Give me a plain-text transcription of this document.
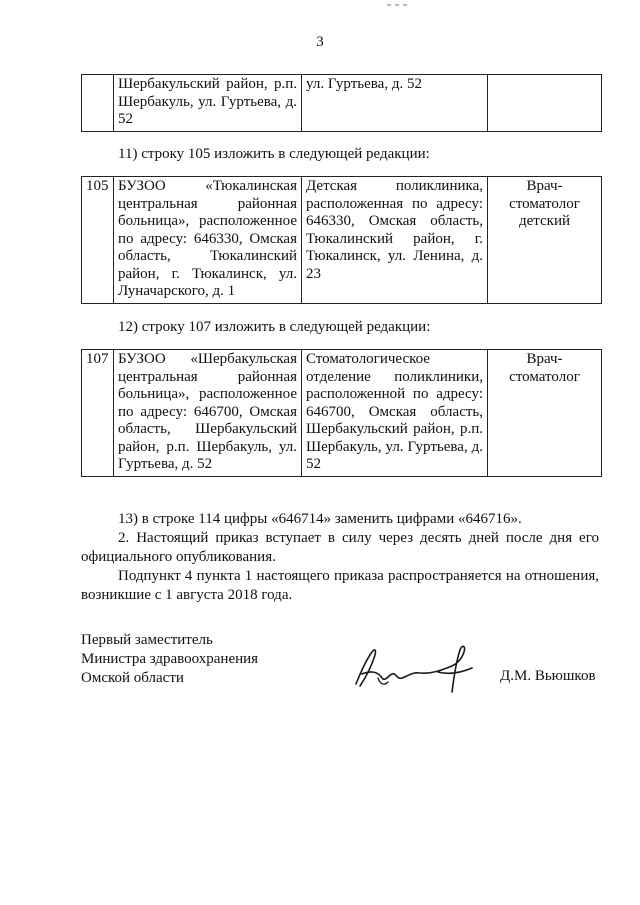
3
	Шербакульский район, р.п. Шербакуль, ул. Гуртьева, д. 52	ул. Гуртьева, д. 52	
11) строку 105 изложить в следующей редакции:
105	БУЗОО «Тюкалинская центральная районная больница», расположенное по адресу: 646330, Омская область, Тюкалинский район, г. Тюкалинск, ул. Луначарского, д. 1	Детская поликлиника, расположенная по адресу: 646330, Омская область, Тюкалинский район, г. Тюкалинск, ул. Ленина, д. 23	Врач-стоматолог детский
12) строку 107 изложить в следующей редакции:
107	БУЗОО «Шербакульская центральная районная больница», расположенное по адресу: 646700, Омская область, Шербакульский район, р.п. Шербакуль, ул. Гуртьева, д. 52	Стоматологическое отделение поликлиники, расположенной по адресу: 646700, Омская область, Шербакульский район, р.п. Шербакуль, ул. Гуртьева, д. 52	Врач-стоматолог
13) в строке 114 цифры «646714» заменить цифрами «646716».
2. Настоящий приказ вступает в силу через десять дней после дня его официального опубликования.
Подпункт 4 пункта 1 настоящего приказа распространяется на отношения, возникшие с 1 августа 2018 года.
Первый заместитель
Министра здравоохранения
Омской области	Д.М. Вьюшков
